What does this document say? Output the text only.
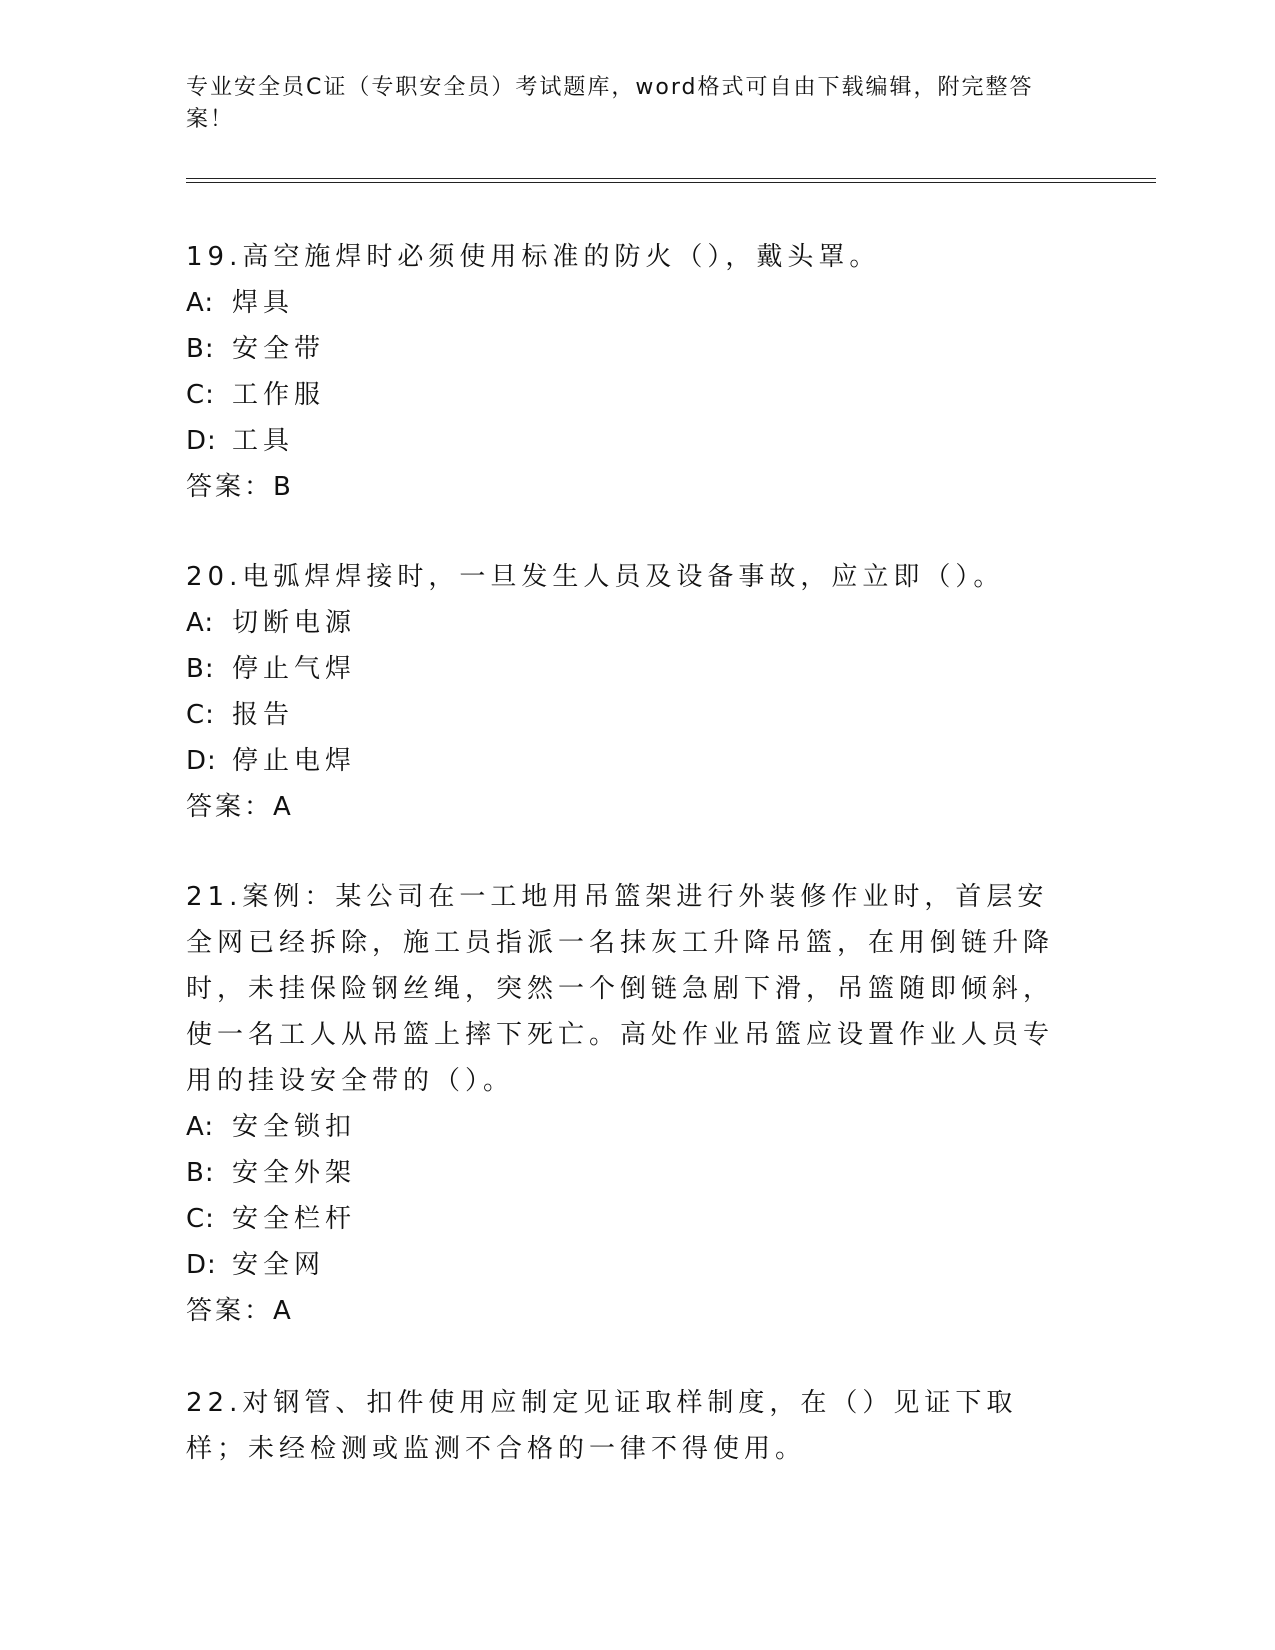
专业安全员C证（专职安全员）考试题库，word格式可自由下载编辑，附完整答案！

19.高空施焊时必须使用标准的防火（），戴头罩。

A: 焊具

B: 安全带

C: 工作服

D: 工具

答案：B

20.电弧焊焊接时，一旦发生人员及设备事故，应立即（）。

A: 切断电源

B: 停止气焊

C: 报告

D: 停止电焊

答案：A

21.案例：某公司在一工地用吊篮架进行外装修作业时，首层安全网已经拆除，施工员指派一名抹灰工升降吊篮，在用倒链升降时，未挂保险钢丝绳，突然一个倒链急剧下滑，吊篮随即倾斜，使一名工人从吊篮上摔下死亡。高处作业吊篮应设置作业人员专用的挂设安全带的（）。

A: 安全锁扣

B: 安全外架

C: 安全栏杆

D: 安全网

答案：A

22.对钢管、扣件使用应制定见证取样制度，在（）见证下取样；未经检测或监测不合格的一律不得使用。
